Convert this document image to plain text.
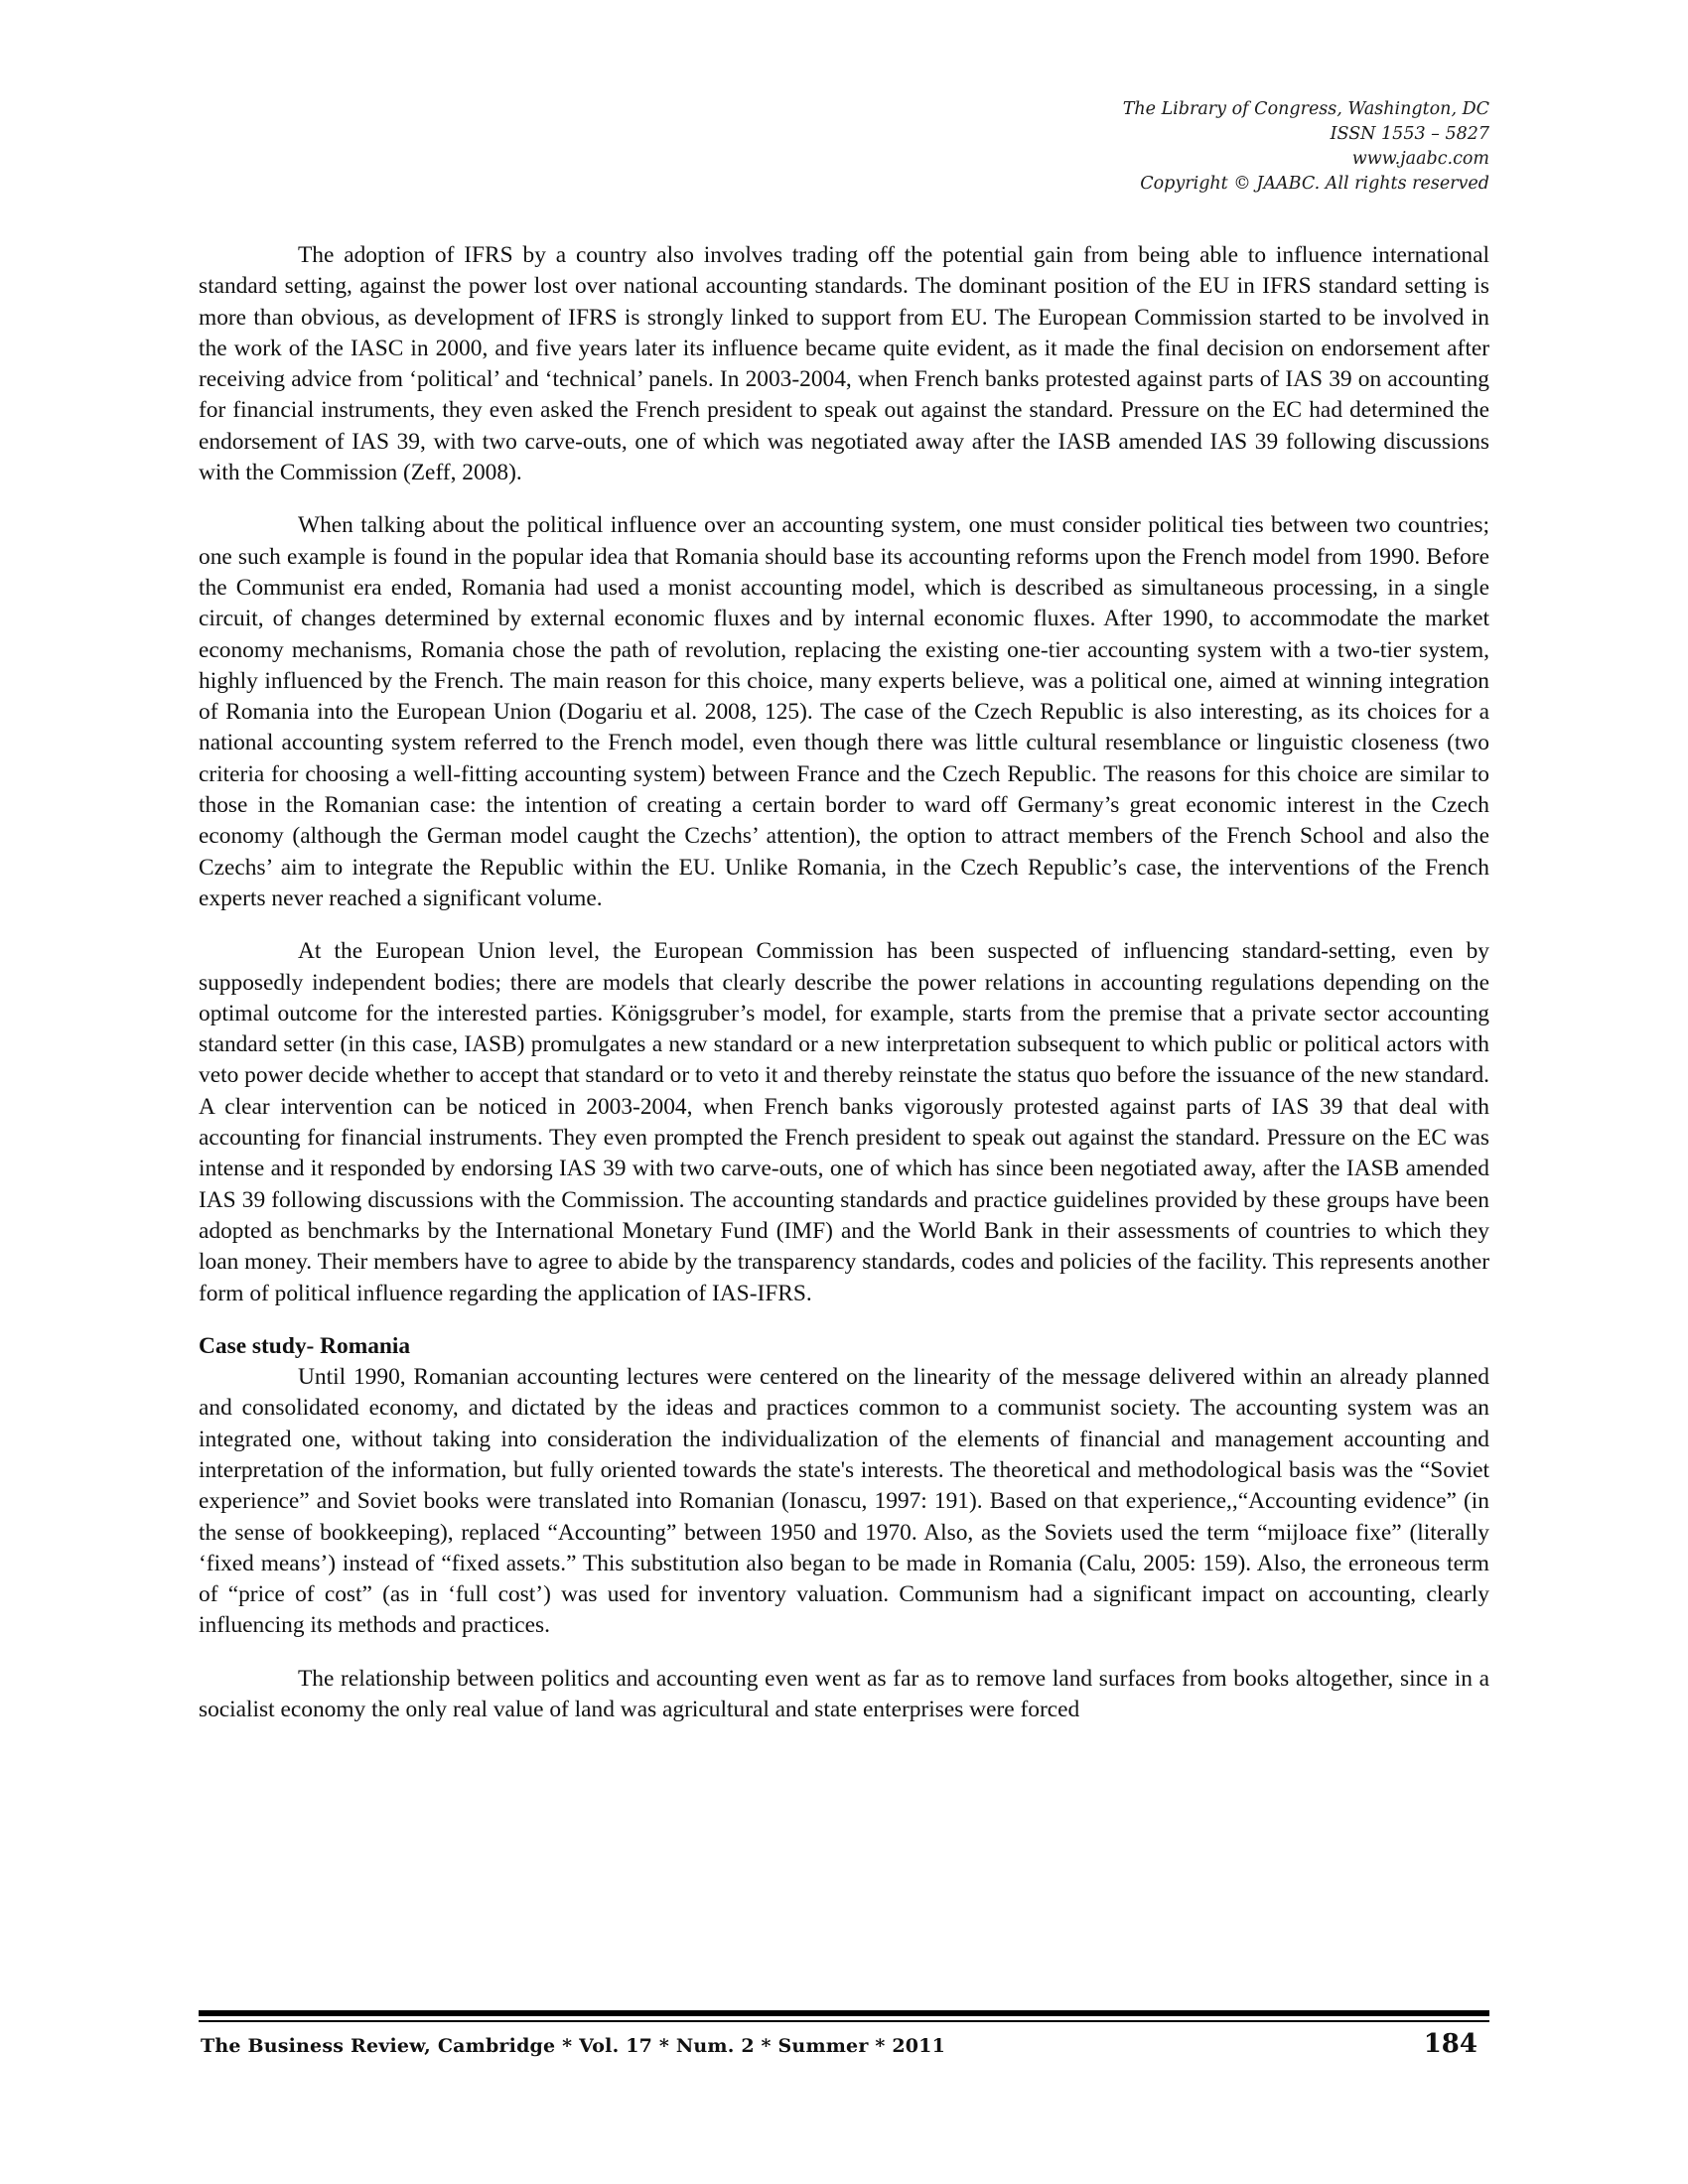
The Library of Congress, Washington, DC
ISSN 1553 – 5827
www.jaabc.com
Copyright © JAABC. All rights reserved

The adoption of IFRS by a country also involves trading off the potential gain from being able to influence international standard setting, against the power lost over national accounting standards. The dominant position of the EU in IFRS standard setting is more than obvious, as development of IFRS is strongly linked to support from EU. The European Commission started to be involved in the work of the IASC in 2000, and five years later its influence became quite evident, as it made the final decision on endorsement after receiving advice from ‘political’ and ‘technical’ panels. In 2003-2004, when French banks protested against parts of IAS 39 on accounting for financial instruments, they even asked the French president to speak out against the standard. Pressure on the EC had determined the endorsement of IAS 39, with two carve-outs, one of which was negotiated away after the IASB amended IAS 39 following discussions with the Commission (Zeff, 2008).

When talking about the political influence over an accounting system, one must consider political ties between two countries; one such example is found in the popular idea that Romania should base its accounting reforms upon the French model from 1990. Before the Communist era ended, Romania had used a monist accounting model, which is described as simultaneous processing, in a single circuit, of changes determined by external economic fluxes and by internal economic fluxes. After 1990, to accommodate the market economy mechanisms, Romania chose the path of revolution, replacing the existing one-tier accounting system with a two-tier system, highly influenced by the French. The main reason for this choice, many experts believe, was a political one, aimed at winning integration of Romania into the European Union (Dogariu et al. 2008, 125). The case of the Czech Republic is also interesting, as its choices for a national accounting system referred to the French model, even though there was little cultural resemblance or linguistic closeness (two criteria for choosing a well-fitting accounting system) between France and the Czech Republic. The reasons for this choice are similar to those in the Romanian case: the intention of creating a certain border to ward off Germany’s great economic interest in the Czech economy (although the German model caught the Czechs’ attention), the option to attract members of the French School and also the Czechs’ aim to integrate the Republic within the EU. Unlike Romania, in the Czech Republic’s case, the interventions of the French experts never reached a significant volume.

At the European Union level, the European Commission has been suspected of influencing standard-setting, even by supposedly independent bodies; there are models that clearly describe the power relations in accounting regulations depending on the optimal outcome for the interested parties. Königsgruber’s model, for example, starts from the premise that a private sector accounting standard setter (in this case, IASB) promulgates a new standard or a new interpretation subsequent to which public or political actors with veto power decide whether to accept that standard or to veto it and thereby reinstate the status quo before the issuance of the new standard. A clear intervention can be noticed in 2003-2004, when French banks vigorously protested against parts of IAS 39 that deal with accounting for financial instruments. They even prompted the French president to speak out against the standard. Pressure on the EC was intense and it responded by endorsing IAS 39 with two carve-outs, one of which has since been negotiated away, after the IASB amended IAS 39 following discussions with the Commission. The accounting standards and practice guidelines provided by these groups have been adopted as benchmarks by the International Monetary Fund (IMF) and the World Bank in their assessments of countries to which they loan money. Their members have to agree to abide by the transparency standards, codes and policies of the facility. This represents another form of political influence regarding the application of IAS-IFRS.

Case study- Romania

Until 1990, Romanian accounting lectures were centered on the linearity of the message delivered within an already planned and consolidated economy, and dictated by the ideas and practices common to a communist society. The accounting system was an integrated one, without taking into consideration the individualization of the elements of financial and management accounting and interpretation of the information, but fully oriented towards the state's interests. The theoretical and methodological basis was the “Soviet experience” and Soviet books were translated into Romanian (Ionascu, 1997: 191). Based on that experience,,“Accounting evidence” (in the sense of bookkeeping), replaced “Accounting” between 1950 and 1970. Also, as the Soviets used the term “mijloace fixe” (literally ‘fixed means’) instead of “fixed assets.” This substitution also began to be made in Romania (Calu, 2005: 159). Also, the erroneous term of “price of cost” (as in ‘full cost’) was used for inventory valuation. Communism had a significant impact on accounting, clearly influencing its methods and practices.

The relationship between politics and accounting even went as far as to remove land surfaces from books altogether, since in a socialist economy the only real value of land was agricultural and state enterprises were forced

The Business Review, Cambridge * Vol. 17 * Num. 2 * Summer * 2011	184
